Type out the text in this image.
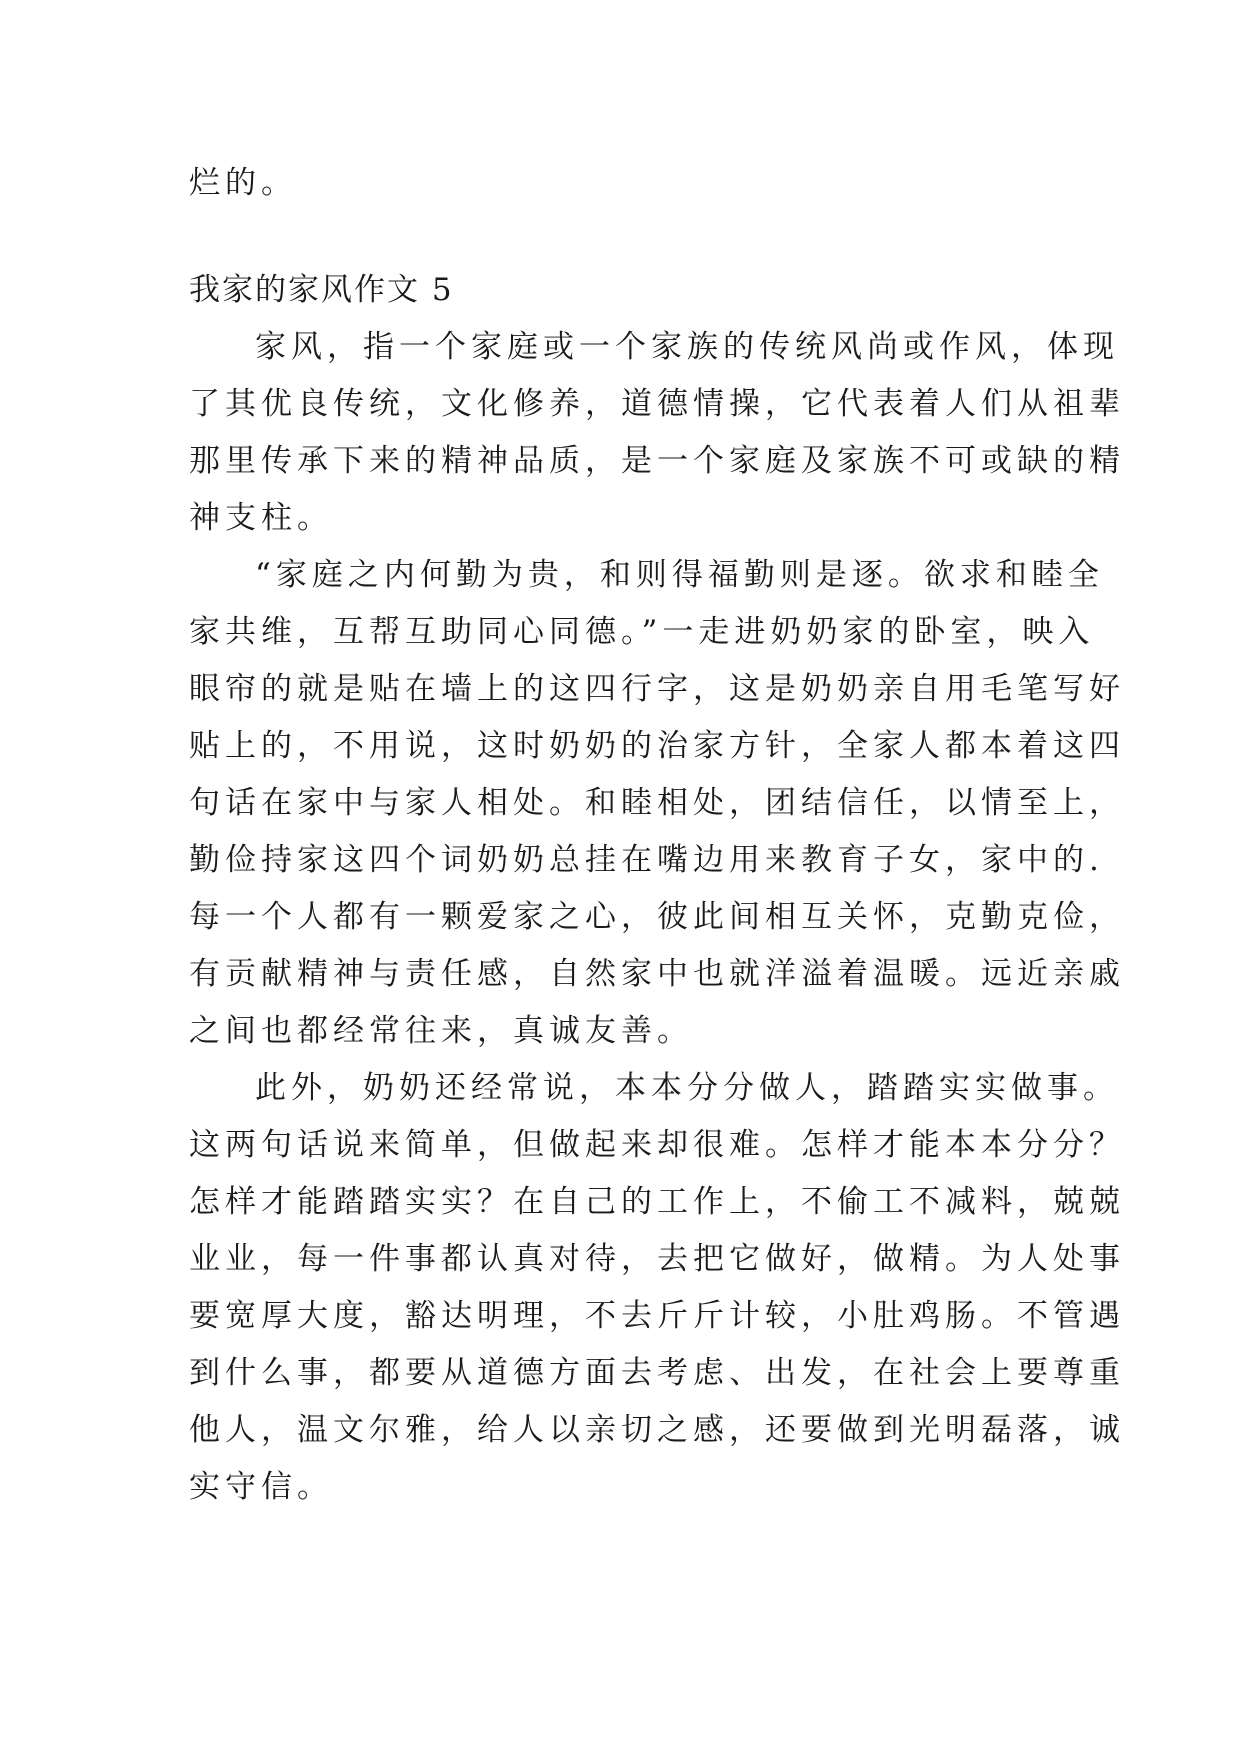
烂的。
我家的家风作文 5
家风，指一个家庭或一个家族的传统风尚或作风，体现
了其优良传统，文化修养，道德情操，它代表着人们从祖辈
那里传承下来的精神品质，是一个家庭及家族不可或缺的精
神支柱。
“家庭之内何勤为贵，和则得福勤则是逐。欲求和睦全
家共维，互帮互助同心同德。”一走进奶奶家的卧室，映入
眼帘的就是贴在墙上的这四行字，这是奶奶亲自用毛笔写好
贴上的，不用说，这时奶奶的治家方针，全家人都本着这四
句话在家中与家人相处。和睦相处，团结信任，以情至上，
勤俭持家这四个词奶奶总挂在嘴边用来教育子女，家中的.
每一个人都有一颗爱家之心，彼此间相互关怀，克勤克俭，
有贡献精神与责任感，自然家中也就洋溢着温暖。远近亲戚
之间也都经常往来，真诚友善。
此外，奶奶还经常说，本本分分做人，踏踏实实做事。
这两句话说来简单，但做起来却很难。怎样才能本本分分？
怎样才能踏踏实实？在自己的工作上，不偷工不减料，兢兢
业业，每一件事都认真对待，去把它做好，做精。为人处事
要宽厚大度，豁达明理，不去斤斤计较，小肚鸡肠。不管遇
到什么事，都要从道德方面去考虑、出发，在社会上要尊重
他人，温文尔雅，给人以亲切之感，还要做到光明磊落，诚
实守信。
